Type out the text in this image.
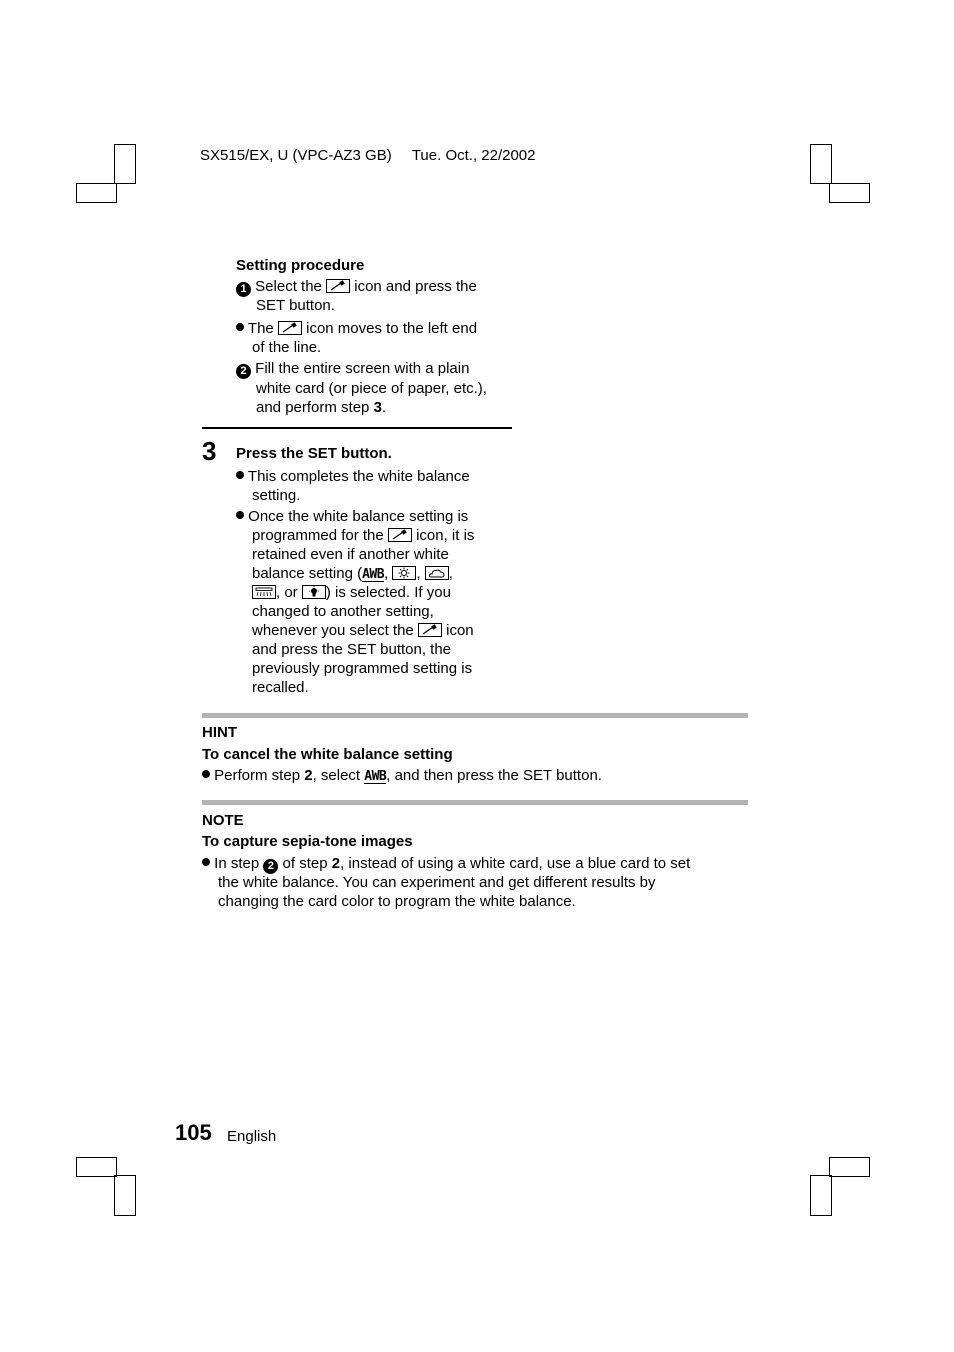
SX515/EX, U (VPC-AZ3 GB) Tue. Oct., 22/2002
Setting procedure
1 Select the icon and press the
SET button.
The icon moves to the left end
of the line.
2 Fill the entire screen with a plain
white card (or piece of paper, etc.),
and perform step 3.
3 Press the SET button.
This completes the white balance
setting.
Once the white balance setting is
programmed for the icon, it is
retained even if another white
balance setting (AWB, , ,
, or ) is selected. If you
changed to another setting,
whenever you select the icon
and press the SET button, the
previously programmed setting is
recalled.
HINT
To cancel the white balance setting
Perform step 2, select AWB, and then press the SET button.
NOTE
To capture sepia-tone images
In step 2 of step 2, instead of using a white card, use a blue card to set
the white balance. You can experiment and get different results by
changing the card color to program the white balance.
105 English
